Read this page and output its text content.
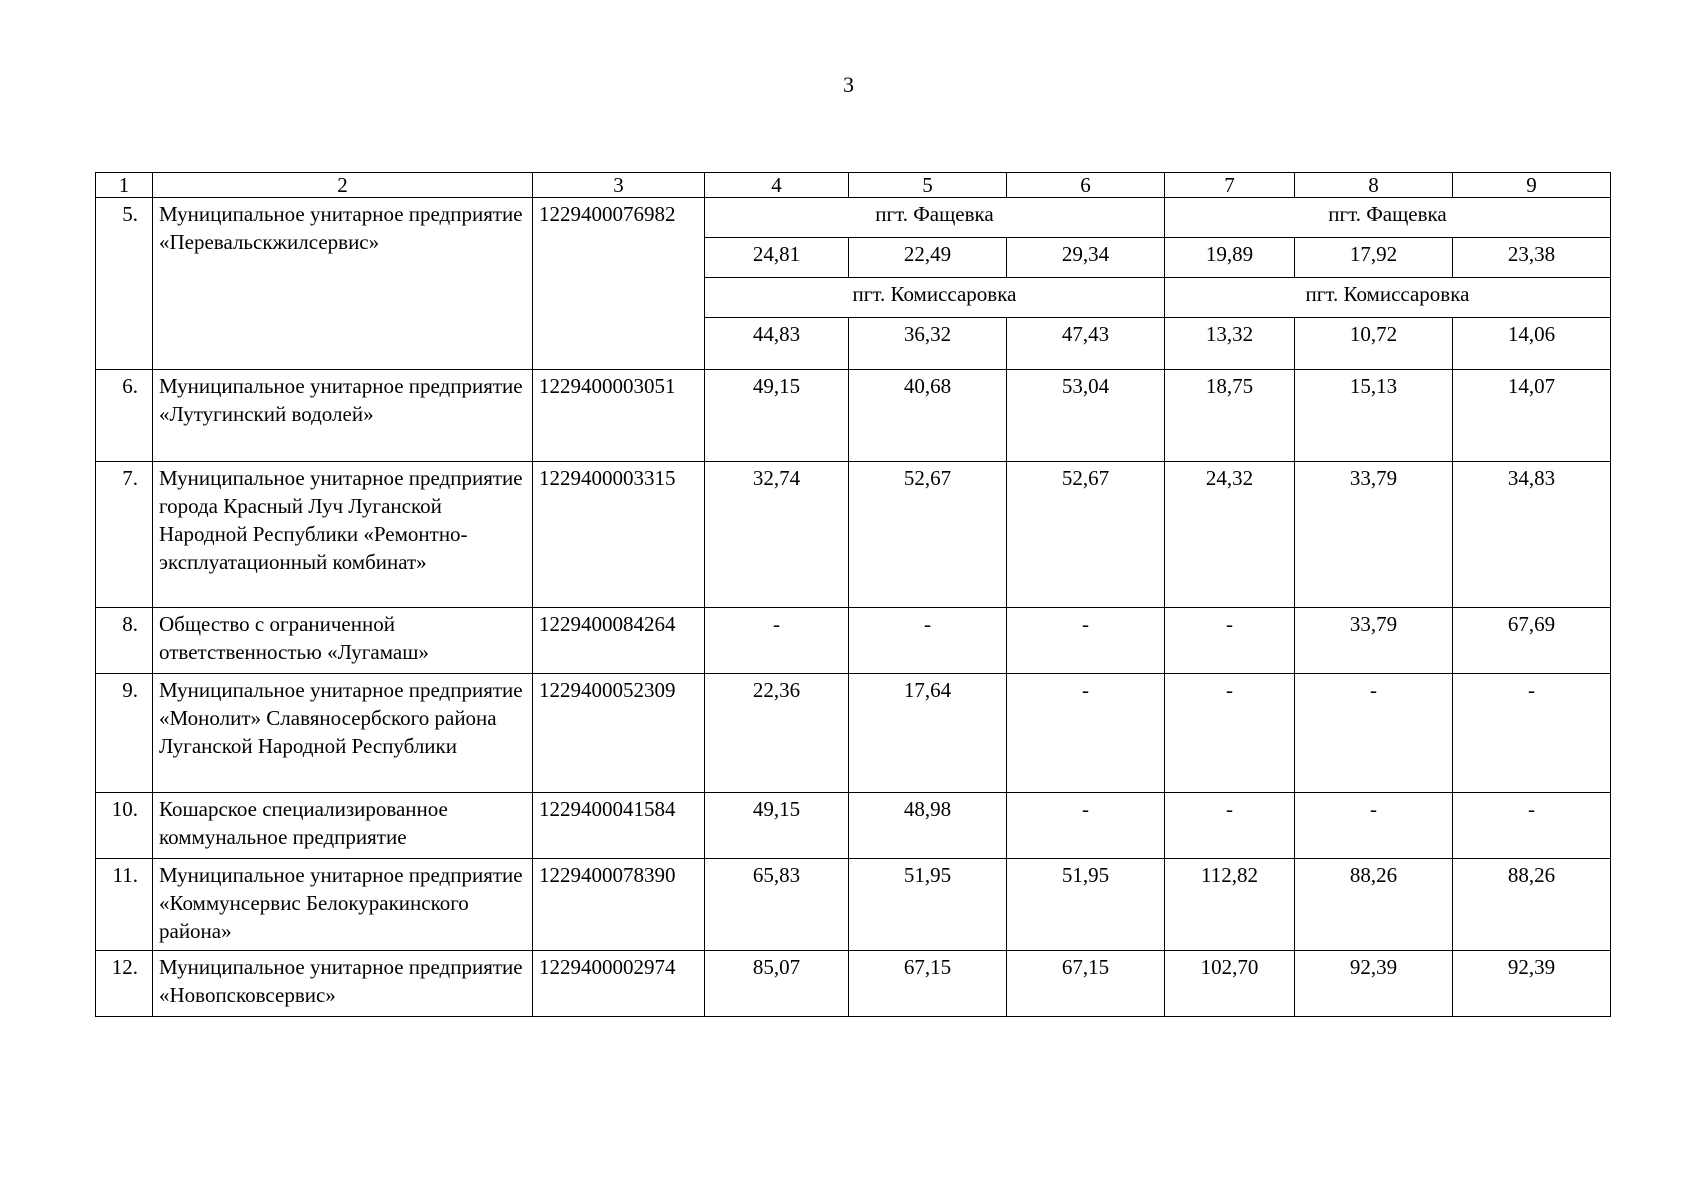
3
1	2	3	4	5	6	7	8	9
5.	Муниципальное унитарное предприятие «Перевальскжилсервис»	1229400076982	пгт. Фащевка			пгт. Фащевка		
			24,81	22,49	29,34	19,89	17,92	23,38
			пгт. Комиссаровка			пгт. Комиссаровка		
			44,83	36,32	47,43	13,32	10,72	14,06
6.	Муниципальное унитарное предприятие «Лутугинский водолей»	1229400003051	49,15	40,68	53,04	18,75	15,13	14,07
7.	Муниципальное унитарное предприятие города Красный Луч Луганской Народной Республики «Ремонтно-эксплуатационный комбинат»	1229400003315	32,74	52,67	52,67	24,32	33,79	34,83
8.	Общество с ограниченной ответственностью «Лугамаш»	1229400084264	-	-	-	-	33,79	67,69
9.	Муниципальное унитарное предприятие «Монолит» Славяносербского района Луганской Народной Республики	1229400052309	22,36	17,64	-	-	-	-
10.	Кошарское специализированное коммунальное предприятие	1229400041584	49,15	48,98	-	-	-	-
11.	Муниципальное унитарное предприятие «Коммунсервис Белокуракинского района»	1229400078390	65,83	51,95	51,95	112,82	88,26	88,26
12.	Муниципальное унитарное предприятие «Новопсковсервис»	1229400002974	85,07	67,15	67,15	102,70	92,39	92,39
